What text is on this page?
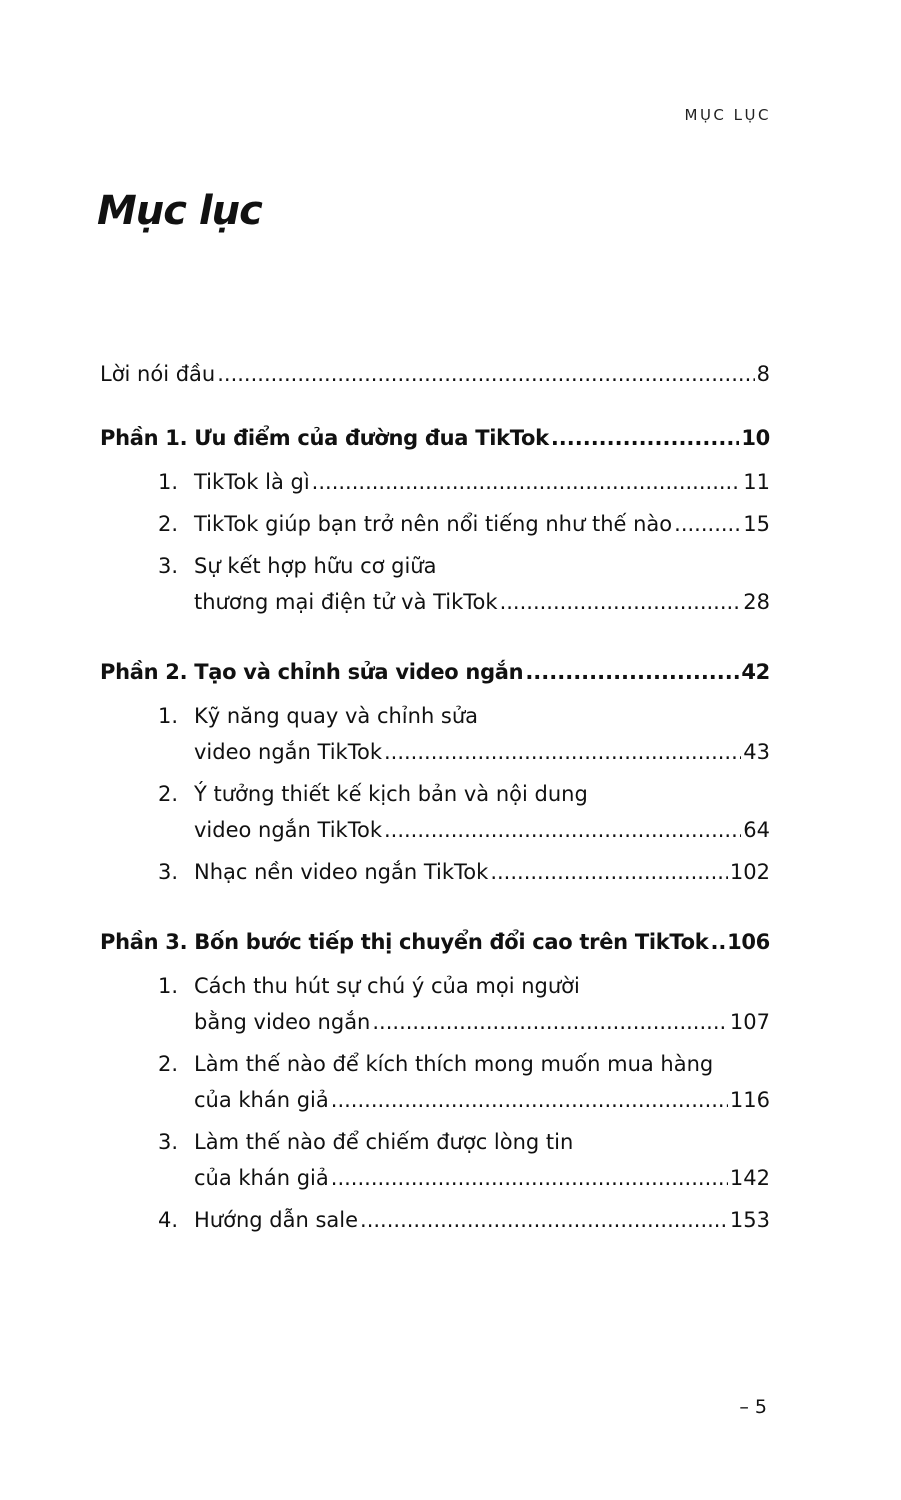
MỤC LỤC
Mục lục
Lời nói đầu .....	8
Phần 1. Ưu điểm của đường đua TikTok .....	10
1. TikTok là gì .....	11
2. TikTok giúp bạn trở nên nổi tiếng như thế nào .....	15
3. Sự kết hợp hữu cơ giữa
thương mại điện tử và TikTok .....	28
Phần 2. Tạo và chỉnh sửa video ngắn .....	42
1. Kỹ năng quay và chỉnh sửa
video ngắn TikTok .....	43
2. Ý tưởng thiết kế kịch bản và nội dung
video ngắn TikTok .....	64
3. Nhạc nền video ngắn TikTok .....	102
Phần 3. Bốn bước tiếp thị chuyển đổi cao trên TikTok ..... 106
1. Cách thu hút sự chú ý của mọi người
bằng video ngắn .....	107
2. Làm thế nào để kích thích mong muốn mua hàng
của khán giả .....	116
3. Làm thế nào để chiếm được lòng tin
của khán giả .....	142
4. Hướng dẫn sale .....	153
– 5
